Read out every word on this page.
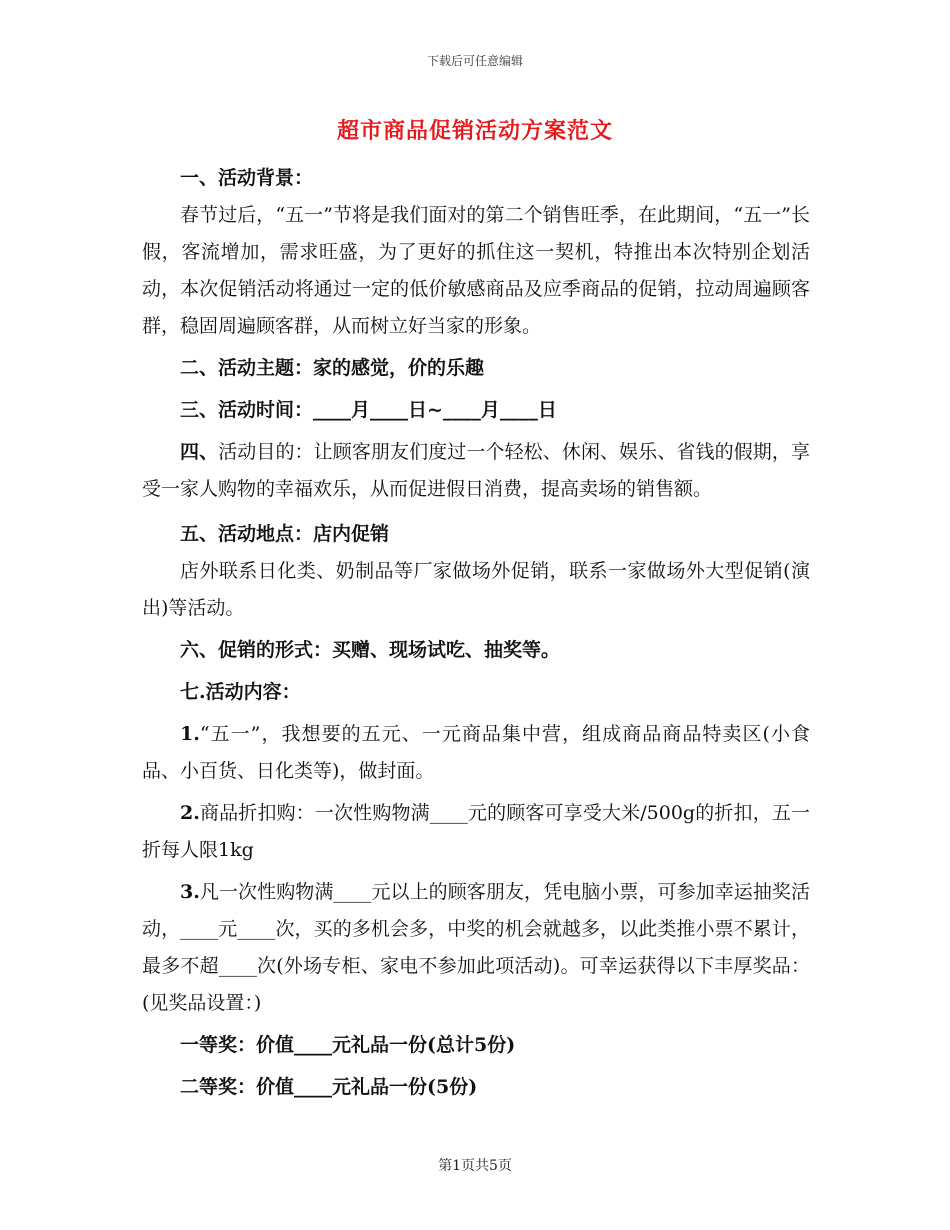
下载后可任意编辑
超市商品促销活动方案范文

一、活动背景：

春节过后，“五一”节将是我们面对的第二个销售旺季，在此期间，“五一”长假，客流增加，需求旺盛，为了更好的抓住这一契机，特推出本次特别企划活动，本次促销活动将通过一定的低价敏感商品及应季商品的促销，拉动周遍顾客群，稳固周遍顾客群，从而树立好当家的形象。

二、活动主题：家的感觉，价的乐趣

三、活动时间：____月____日~____月____日

四、活动目的：让顾客朋友们度过一个轻松、休闲、娱乐、省钱的假期，享受一家人购物的幸福欢乐，从而促进假日消费，提高卖场的销售额。

五、活动地点：店内促销

店外联系日化类、奶制品等厂家做场外促销，联系一家做场外大型促销(演出)等活动。

六、促销的形式：买赠、现场试吃、抽奖等。

七.活动内容：

1.“五一”，我想要的五元、一元商品集中营，组成商品商品特卖区(小食品、小百货、日化类等)，做封面。

2.商品折扣购：一次性购物满____元的顾客可享受大米/500g的折扣，五一折每人限1kg

3.凡一次性购物满____元以上的顾客朋友，凭电脑小票，可参加幸运抽奖活动，____元____次，买的多机会多，中奖的机会就越多，以此类推小票不累计，最多不超____次(外场专柜、家电不参加此项活动)。可幸运获得以下丰厚奖品：(见奖品设置：)

一等奖：价值____元礼品一份(总计5份)

二等奖：价值____元礼品一份(5份)

第1页共5页
